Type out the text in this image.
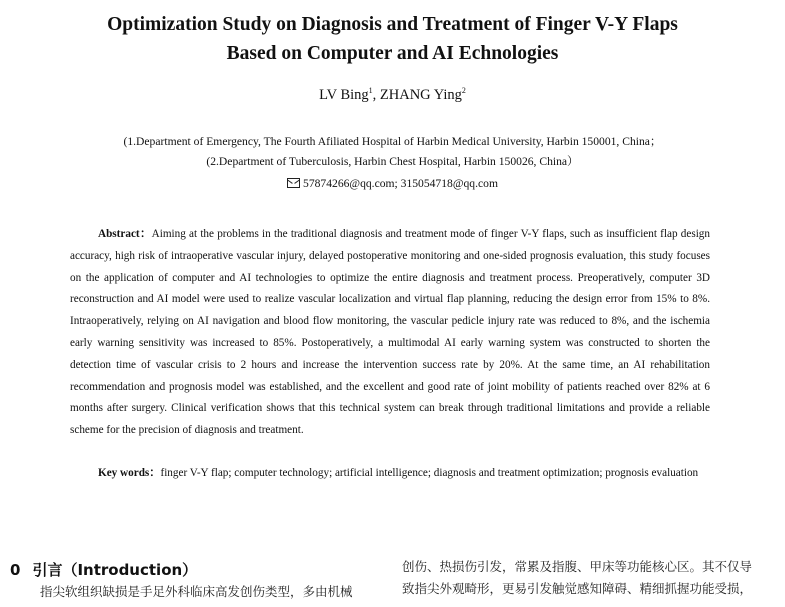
Optimization Study on Diagnosis and Treatment of Finger V-Y Flaps
Based on Computer and AI Echnologies
LV Bing$^1$, ZHANG Ying$^2$
(1.Department of Emergency, The Fourth Afiliated Hospital of Harbin Medical University, Harbin 150001, China；
(2.Department of Tuberculosis, Harbin Chest Hospital, Harbin 150026, China）
57874266@qq.com; 315054718@qq.com
Abstract：Aiming at the problems in the traditional diagnosis and treatment mode of finger V-Y flaps, such as insufficient flap design accuracy, high risk of intraoperative vascular injury, delayed postoperative monitoring and one-sided prognosis evaluation, this study focuses on the application of computer and AI technologies to optimize the entire diagnosis and treatment process. Preoperatively, computer 3D reconstruction and AI model were used to realize vascular localization and virtual flap planning, reducing the design error from 15% to 8%. Intraoperatively, relying on AI navigation and blood flow monitoring, the vascular pedicle injury rate was reduced to 8%, and the ischemia early warning sensitivity was increased to 85%. Postoperatively, a multimodal AI early warning system was constructed to shorten the detection time of vascular crisis to 2 hours and increase the intervention success rate by 20%. At the same time, an AI rehabilitation recommendation and prognosis model was established, and the excellent and good rate of joint mobility of patients reached over 82% at 6 months after surgery. Clinical verification shows that this technical system can break through traditional limitations and provide a reliable scheme for the precision of diagnosis and treatment.
Key words：finger V-Y flap; computer technology; artificial intelligence; diagnosis and treatment optimization; prognosis evaluation
0 引言（Introduction）
指尖软组织缺损是手足外科临床高发创伤类型，多由机械
创伤、热损伤引发，常累及指腹、甲床等功能核心区。其不仅导
致指尖外观畸形，更易引发触觉感知障碍、精细抓握功能受损，
